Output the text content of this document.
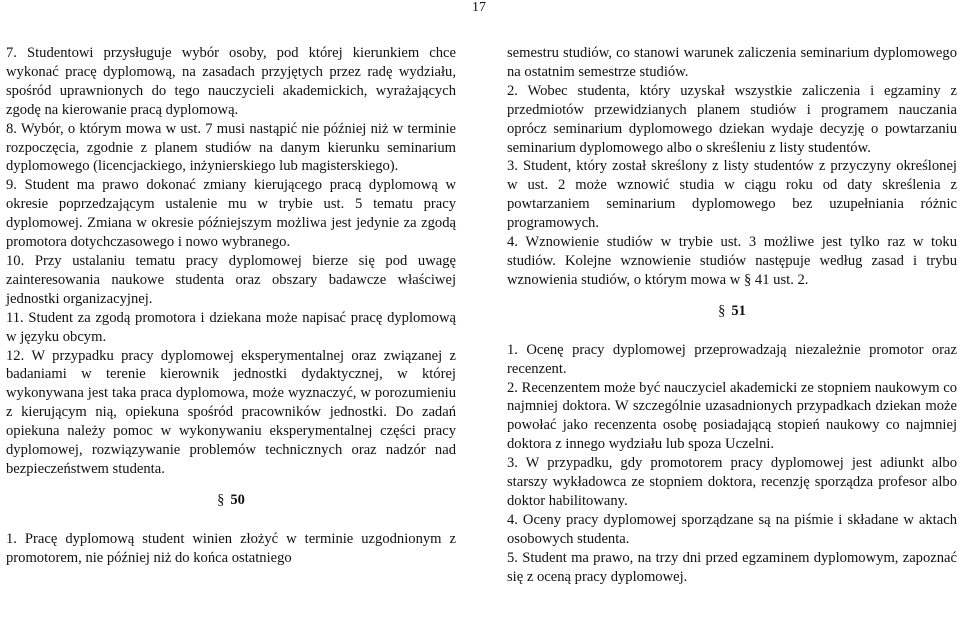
17

7. Studentowi przysługuje wybór osoby, pod której kierunkiem chce wykonać pracę dyplomową, na zasadach przyjętych przez radę wydziału, spośród uprawnionych do tego nauczycieli akademickich, wyrażających zgodę na kierowanie pracą dyplomową.

8. Wybór, o którym mowa w ust. 7 musi nastąpić nie później niż w terminie rozpoczęcia, zgodnie z planem studiów na danym kierunku seminarium dyplomowego (licencjackiego, inżynierskiego lub magisterskiego).

9. Student ma prawo dokonać zmiany kierującego pracą dyplomową w okresie poprzedzającym ustalenie mu w trybie ust. 5 tematu pracy dyplomowej. Zmiana w okresie późniejszym możliwa jest jedynie za zgodą promotora dotychczasowego i nowo wybranego.

10. Przy ustalaniu tematu pracy dyplomowej bierze się pod uwagę zainteresowania naukowe studenta oraz obszary badawcze właściwej jednostki organizacyjnej.

11. Student za zgodą promotora i dziekana może napisać pracę dyplomową w języku obcym.

12. W przypadku pracy dyplomowej eksperymentalnej oraz związanej z badaniami w terenie kierownik jednostki dydaktycznej, w której wykonywana jest taka praca dyplomowa, może wyznaczyć, w porozumieniu z kierującym nią, opiekuna spośród pracowników jednostki. Do zadań opiekuna należy pomoc w wykonywaniu eksperymentalnej części pracy dyplomowej, rozwiązywanie problemów technicznych oraz nadzór nad bezpieczeństwem studenta.

§ 50

1. Pracę dyplomową student winien złożyć w terminie uzgodnionym z promotorem, nie później niż do końca ostatniego

semestru studiów, co stanowi warunek zaliczenia seminarium dyplomowego na ostatnim semestrze studiów.

2. Wobec studenta, który uzyskał wszystkie zaliczenia i egzaminy z przedmiotów przewidzianych planem studiów i programem nauczania oprócz seminarium dyplomowego dziekan wydaje decyzję o powtarzaniu seminarium dyplomowego albo o skreśleniu z listy studentów.

3. Student, który został skreślony z listy studentów z przyczyny określonej w ust. 2 może wznowić studia w ciągu roku od daty skreślenia z powtarzaniem seminarium dyplomowego bez uzupełniania różnic programowych.

4. Wznowienie studiów w trybie ust. 3 możliwe jest tylko raz w toku studiów. Kolejne wznowienie studiów następuje według zasad i trybu wznowienia studiów, o którym mowa w § 41 ust. 2.

§ 51

1. Ocenę pracy dyplomowej przeprowadzają niezależnie promotor oraz recenzent.

2. Recenzentem może być nauczyciel akademicki ze stopniem naukowym co najmniej doktora. W szczególnie uzasadnionych przypadkach dziekan może powołać jako recenzenta osobę posiadającą stopień naukowy co najmniej doktora z innego wydziału lub spoza Uczelni.

3. W przypadku, gdy promotorem pracy dyplomowej jest adiunkt albo starszy wykładowca ze stopniem doktora, recenzję sporządza profesor albo doktor habilitowany.

4. Oceny pracy dyplomowej sporządzane są na piśmie i składane w aktach osobowych studenta.

5. Student ma prawo, na trzy dni przed egzaminem dyplomowym, zapoznać się z oceną pracy dyplomowej.
